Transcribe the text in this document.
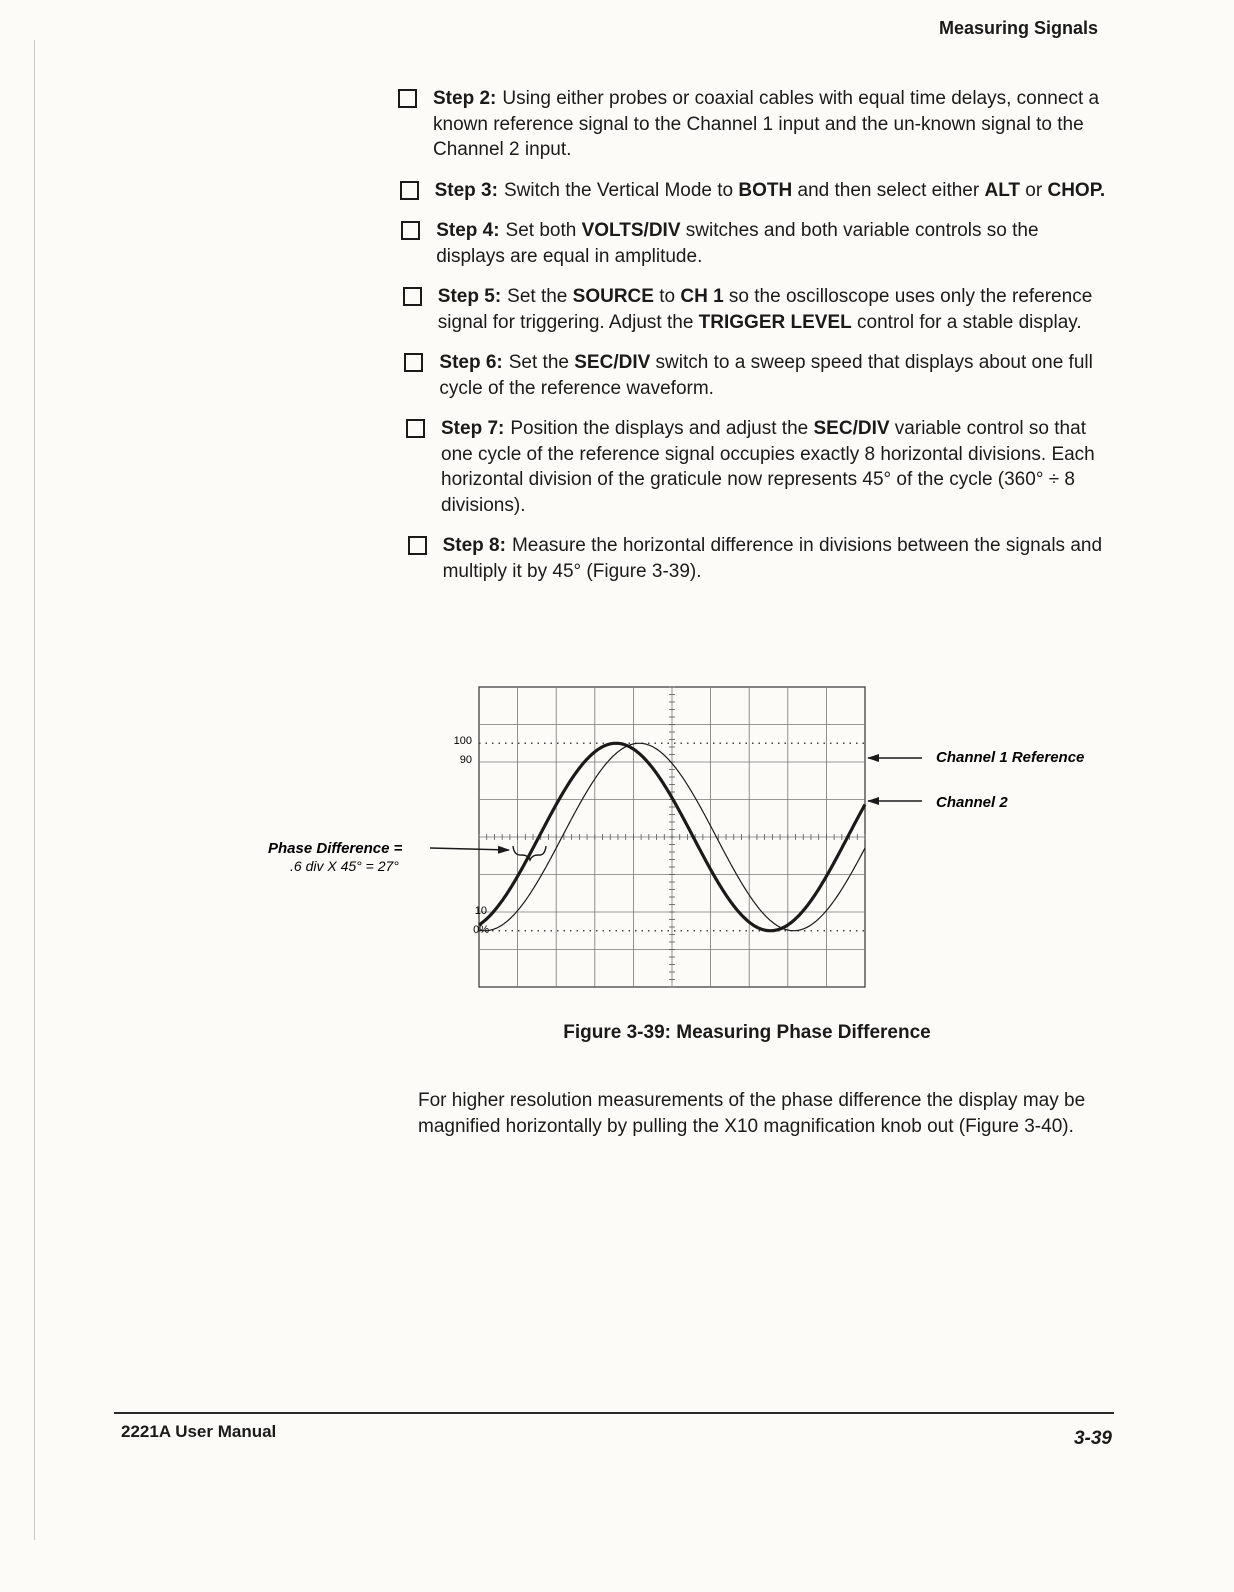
Measuring Signals
Step 2: Using either probes or coaxial cables with equal time delays, connect a known reference signal to the Channel 1 input and the un-known signal to the Channel 2 input.
Step 3: Switch the Vertical Mode to BOTH and then select either ALT or CHOP.
Step 4: Set both VOLTS/DIV switches and both variable controls so the displays are equal in amplitude.
Step 5: Set the SOURCE to CH 1 so the oscilloscope uses only the reference signal for triggering. Adjust the TRIGGER LEVEL control for a stable display.
Step 6: Set the SEC/DIV switch to a sweep speed that displays about one full cycle of the reference waveform.
Step 7: Position the displays and adjust the SEC/DIV variable control so that one cycle of the reference signal occupies exactly 8 horizontal divisions. Each horizontal division of the graticule now represents 45° of the cycle (360° ÷ 8 divisions).
Step 8: Measure the horizontal difference in divisions between the signals and multiply it by 45° (Figure 3-39).
100
90
10
0%
Channel 1 Reference
Channel 2
Phase Difference =
.6 div X 45° = 27°
Figure 3-39: Measuring Phase Difference
For higher resolution measurements of the phase difference the display may be magnified horizontally by pulling the X10 magnification knob out (Figure 3-40).
2221A User Manual	3-39
